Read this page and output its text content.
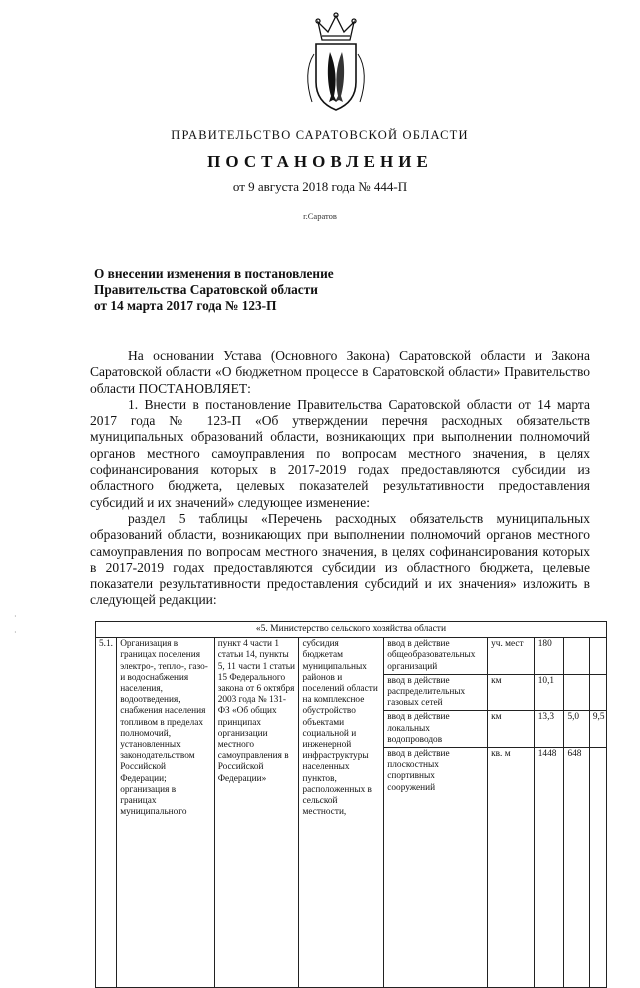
ПРАВИТЕЛЬСТВО САРАТОВСКОЙ ОБЛАСТИ
ПОСТАНОВЛЕНИЕ
от 9 августа 2018 года № 444-П
г.Саратов
О внесении изменения в постановление
Правительства Саратовской области
от 14 марта 2017 года № 123-П

На основании Устава (Основного Закона) Саратовской области и Закона Саратовской области «О бюджетном процессе в Саратовской области» Правительство области ПОСТАНОВЛЯЕТ:

1. Внести в постановление Правительства Саратовской области от 14 марта 2017 года № 123-П «Об утверждении перечня расходных обязательств муниципальных образований области, возникающих при выполнении полномочий органов местного самоуправления по вопросам местного значения, в целях софинансирования которых в 2017-2019 годах предоставляются субсидии из областного бюджета, целевых показателей результативности предоставления субсидий и их значений» следующее изменение:

раздел 5 таблицы «Перечень расходных обязательств муниципальных образований области, возникающих при выполнении полномочий органов местного самоуправления по вопросам местного значения, в целях софинансирования которых в 2017-2019 годах предоставляются субсидии из областного бюджета, целевые показатели результативности предоставления субсидий и их значения» изложить в следующей редакции:

·
·	«5. Министерство сельского хозяйства области								
5.1.	Организация в границах поселения электро-, тепло-, газо- и водоснабжения населения, водоотведения, снабжения населения топливом в пределах полномочий, установленных законодательством Российской Федерации; организация в границах муниципального	пункт 4 части 1 статьи 14, пункты 5, 11 части 1 статьи 15 Федерального закона от 6 октября 2003 года № 131-ФЗ «Об общих принципах организации местного самоуправления в Российской Федерации»	субсидия бюджетам муниципальных районов и поселений области на комплексное обустройство объектами социальной и инженерной инфраструктуры населенных пунктов, расположенных в сельской местности,	ввод в действие общеобразовательных организаций	уч. мест	180		
				ввод в действие распределительных газовых сетей	км	10,1		
				ввод в действие локальных водопроводов	км	13,3	5,0	9,5
				ввод в действие плоскостных спортивных сооружений	кв. м	1448	648	
